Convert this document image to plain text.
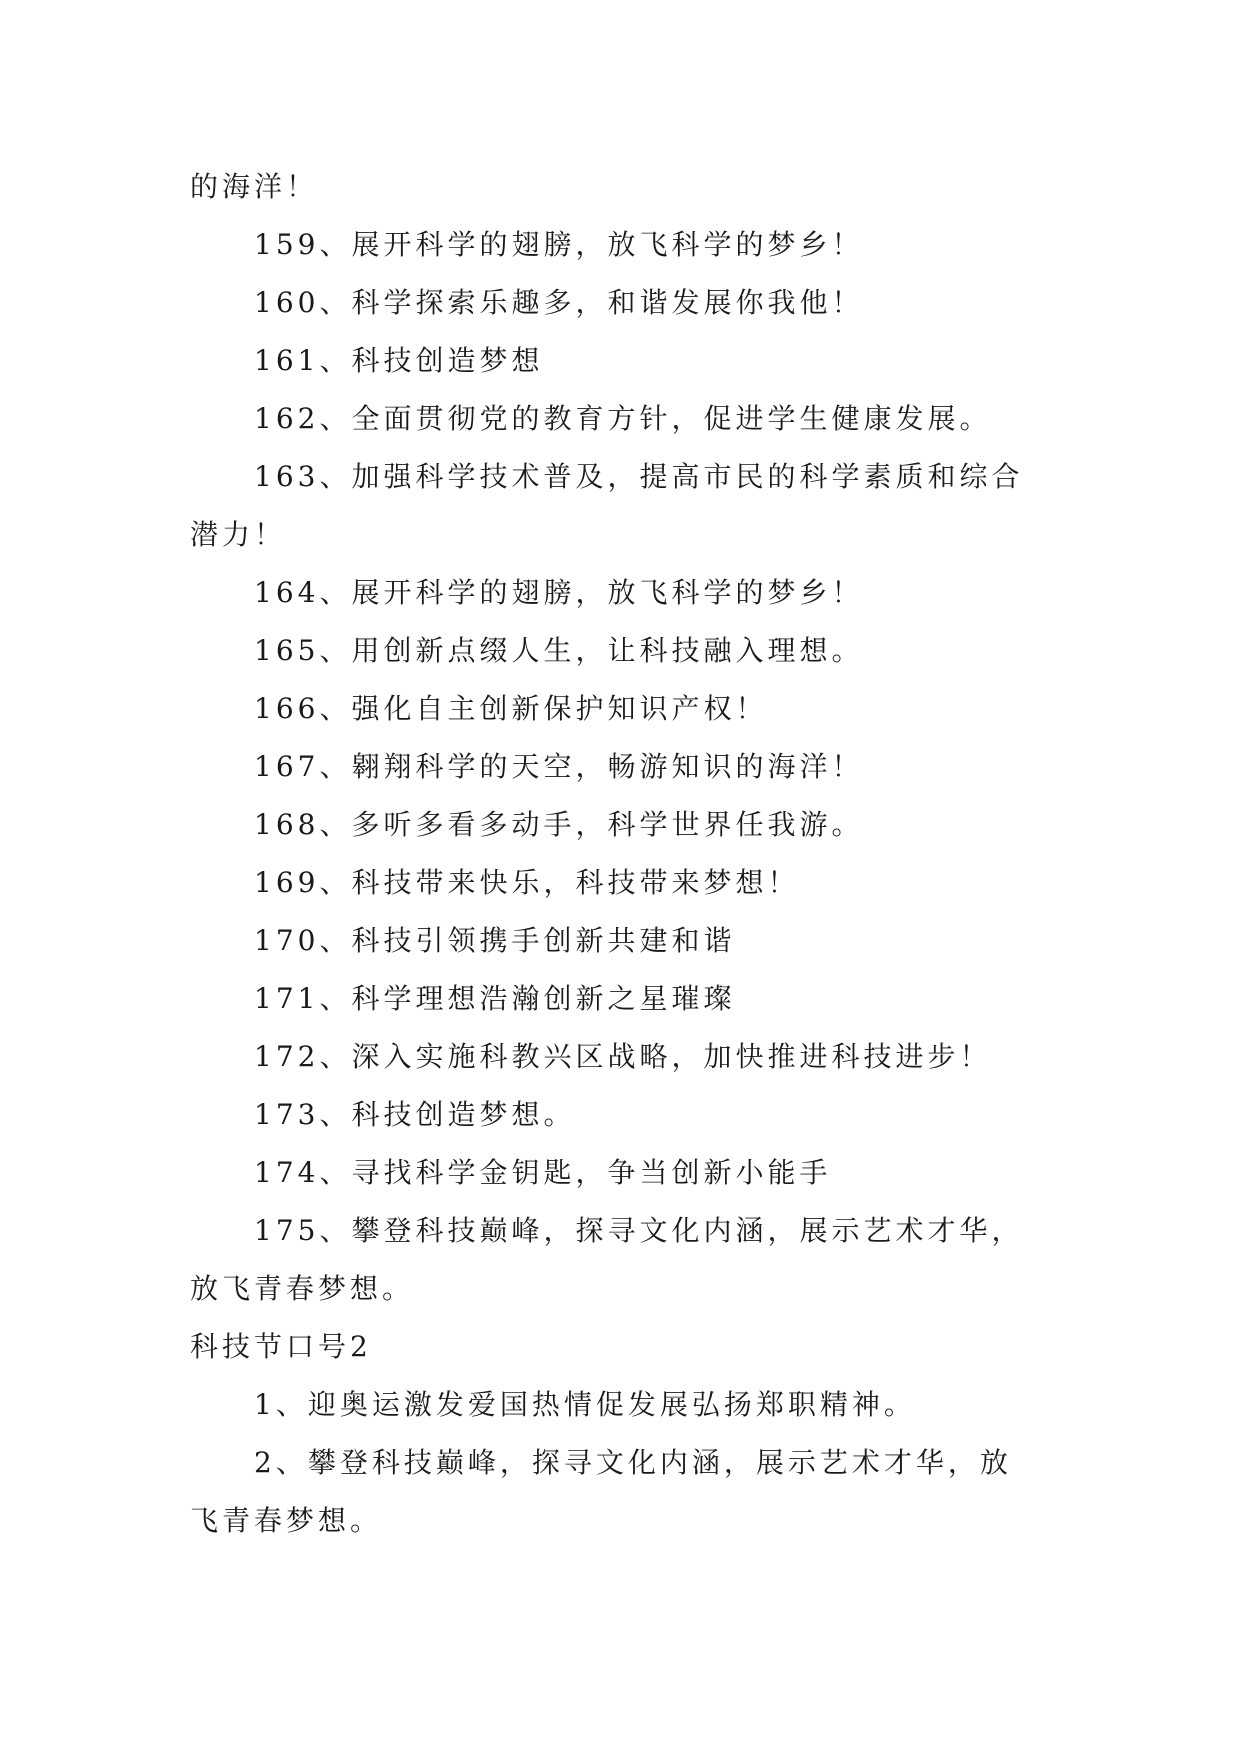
的海洋！
159、展开科学的翅膀，放飞科学的梦乡！
160、科学探索乐趣多，和谐发展你我他！
161、科技创造梦想
162、全面贯彻党的教育方针，促进学生健康发展。
163、加强科学技术普及，提高市民的科学素质和综合
潜力！
164、展开科学的翅膀，放飞科学的梦乡！
165、用创新点缀人生，让科技融入理想。
166、强化自主创新保护知识产权！
167、翱翔科学的天空，畅游知识的海洋！
168、多听多看多动手，科学世界任我游。
169、科技带来快乐，科技带来梦想！
170、科技引领携手创新共建和谐
171、科学理想浩瀚创新之星璀璨
172、深入实施科教兴区战略，加快推进科技进步！
173、科技创造梦想。
174、寻找科学金钥匙，争当创新小能手
175、攀登科技巅峰，探寻文化内涵，展示艺术才华，
放飞青春梦想。
科技节口号2
1、迎奥运激发爱国热情促发展弘扬郑职精神。
2、攀登科技巅峰，探寻文化内涵，展示艺术才华，放
飞青春梦想。
